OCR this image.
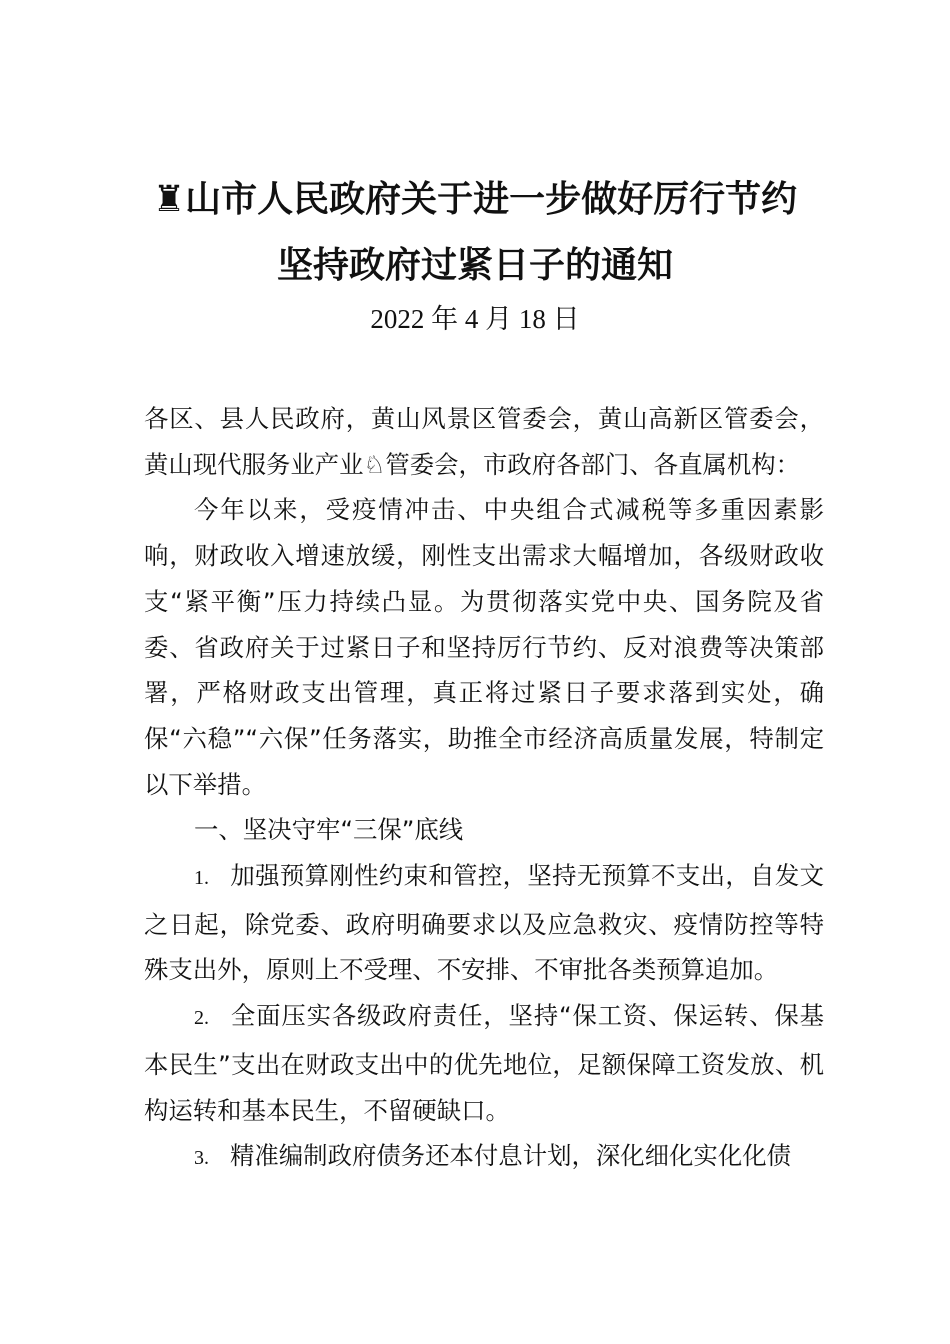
♜山市人民政府关于进一步做好厉行节约
坚持政府过紧日子的通知
2022 年 4 月 18 日

各区、县人民政府，黄山风景区管委会，黄山高新区管委会，黄山现代服务业产业♘管委会，市政府各部门、各直属机构：

今年以来，受疫情冲击、中央组合式减税等多重因素影响，财政收入增速放缓，刚性支出需求大幅增加，各级财政收支“紧平衡”压力持续凸显。为贯彻落实党中央、国务院及省委、省政府关于过紧日子和坚持厉行节约、反对浪费等决策部署，严格财政支出管理，真正将过紧日子要求落到实处，确保“六稳”“六保”任务落实，助推全市经济高质量发展，特制定以下举措。

一、坚决守牢“三保”底线

1. 加强预算刚性约束和管控，坚持无预算不支出，自发文之日起，除党委、政府明确要求以及应急救灾、疫情防控等特殊支出外，原则上不受理、不安排、不审批各类预算追加。

2. 全面压实各级政府责任，坚持“保工资、保运转、保基本民生”支出在财政支出中的优先地位，足额保障工资发放、机构运转和基本民生，不留硬缺口。

3. 精准编制政府债务还本付息计划，深化细化实化化债
